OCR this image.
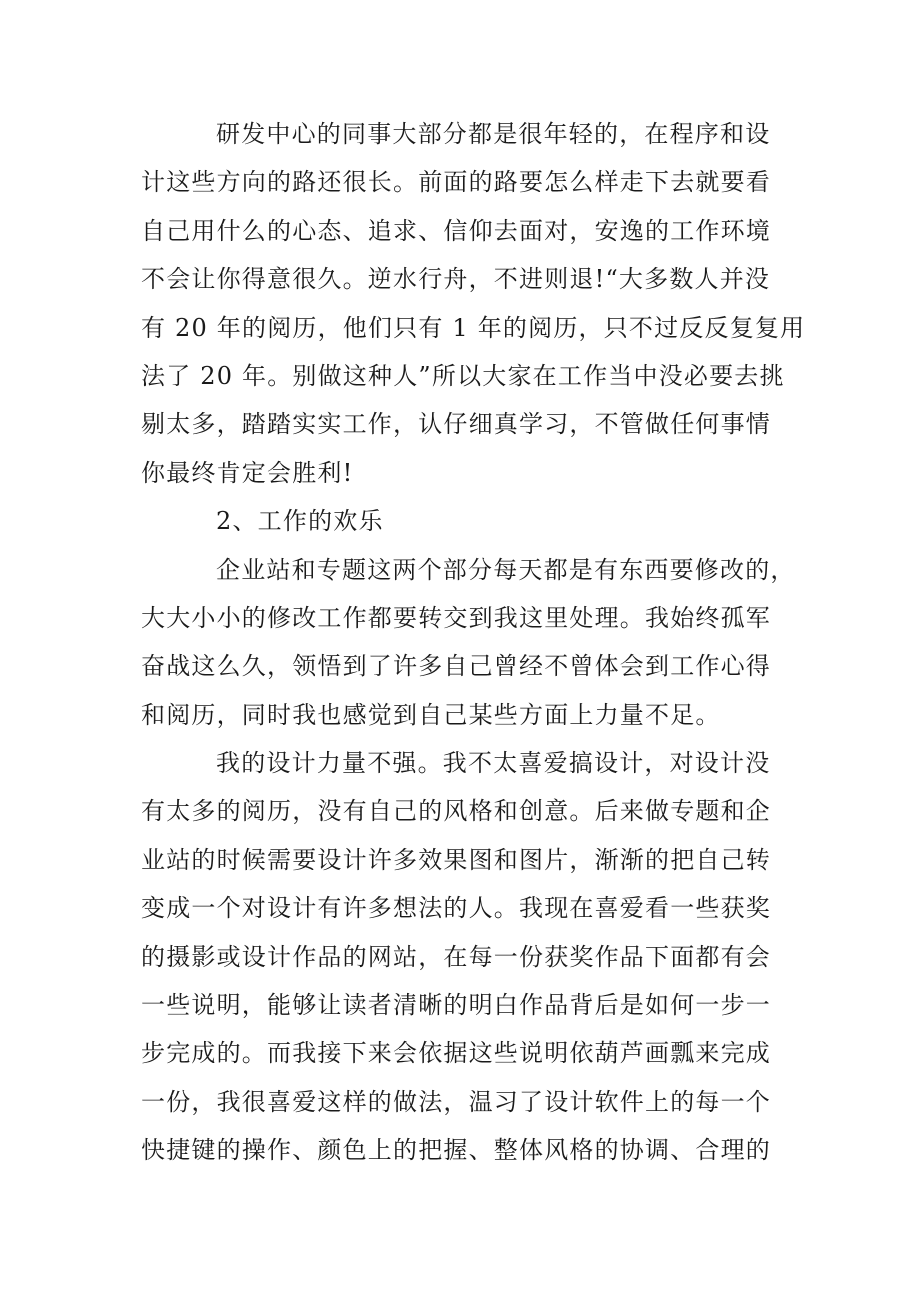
研发中心的同事大部分都是很年轻的，在程序和设
计这些方向的路还很长。前面的路要怎么样走下去就要看
自己用什么的心态、追求、信仰去面对，安逸的工作环境
不会让你得意很久。逆水行舟，不进则退!“大多数人并没
有 20 年的阅历，他们只有 1 年的阅历，只不过反反复复用
法了 20 年。别做这种人”所以大家在工作当中没必要去挑
剔太多，踏踏实实工作，认仔细真学习，不管做任何事情
你最终肯定会胜利!
2、工作的欢乐
企业站和专题这两个部分每天都是有东西要修改的，
大大小小的修改工作都要转交到我这里处理。我始终孤军
奋战这么久，领悟到了许多自己曾经不曾体会到工作心得
和阅历，同时我也感觉到自己某些方面上力量不足。
我的设计力量不强。我不太喜爱搞设计，对设计没
有太多的阅历，没有自己的风格和创意。后来做专题和企
业站的时候需要设计许多效果图和图片，渐渐的把自己转
变成一个对设计有许多想法的人。我现在喜爱看一些获奖
的摄影或设计作品的网站，在每一份获奖作品下面都有会
一些说明，能够让读者清晰的明白作品背后是如何一步一
步完成的。而我接下来会依据这些说明依葫芦画瓢来完成
一份，我很喜爱这样的做法，温习了设计软件上的每一个
快捷键的操作、颜色上的把握、整体风格的协调、合理的
